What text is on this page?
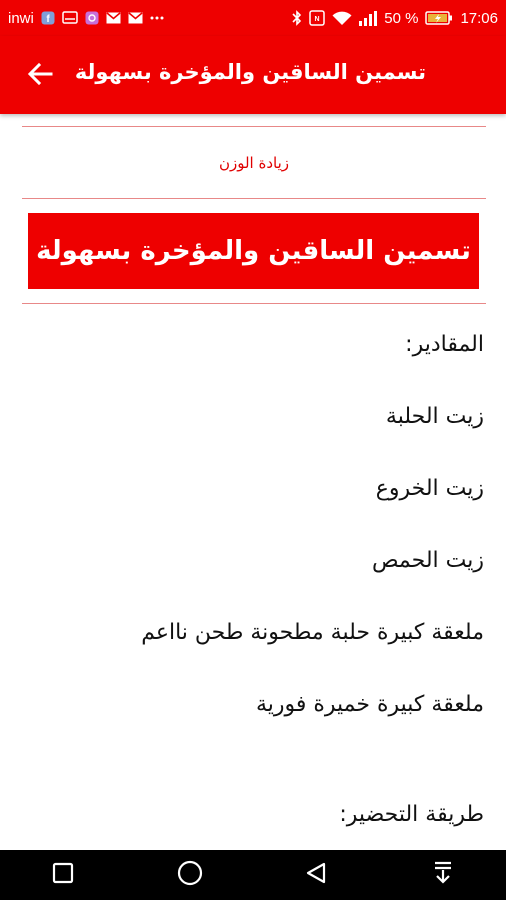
inwi f	N	50 %	17:06
تسمين الساقين والمؤخرة بسهولة
زيادة الوزن
تسمين الساقين والمؤخرة بسهولة
المقادير:
زيت الحلبة
زيت الخروع
زيت الحمص
ملعقة كبيرة حلبة مطحونة طحن نااعم
ملعقة كبيرة خميرة فورية
طريقة التحضير:
